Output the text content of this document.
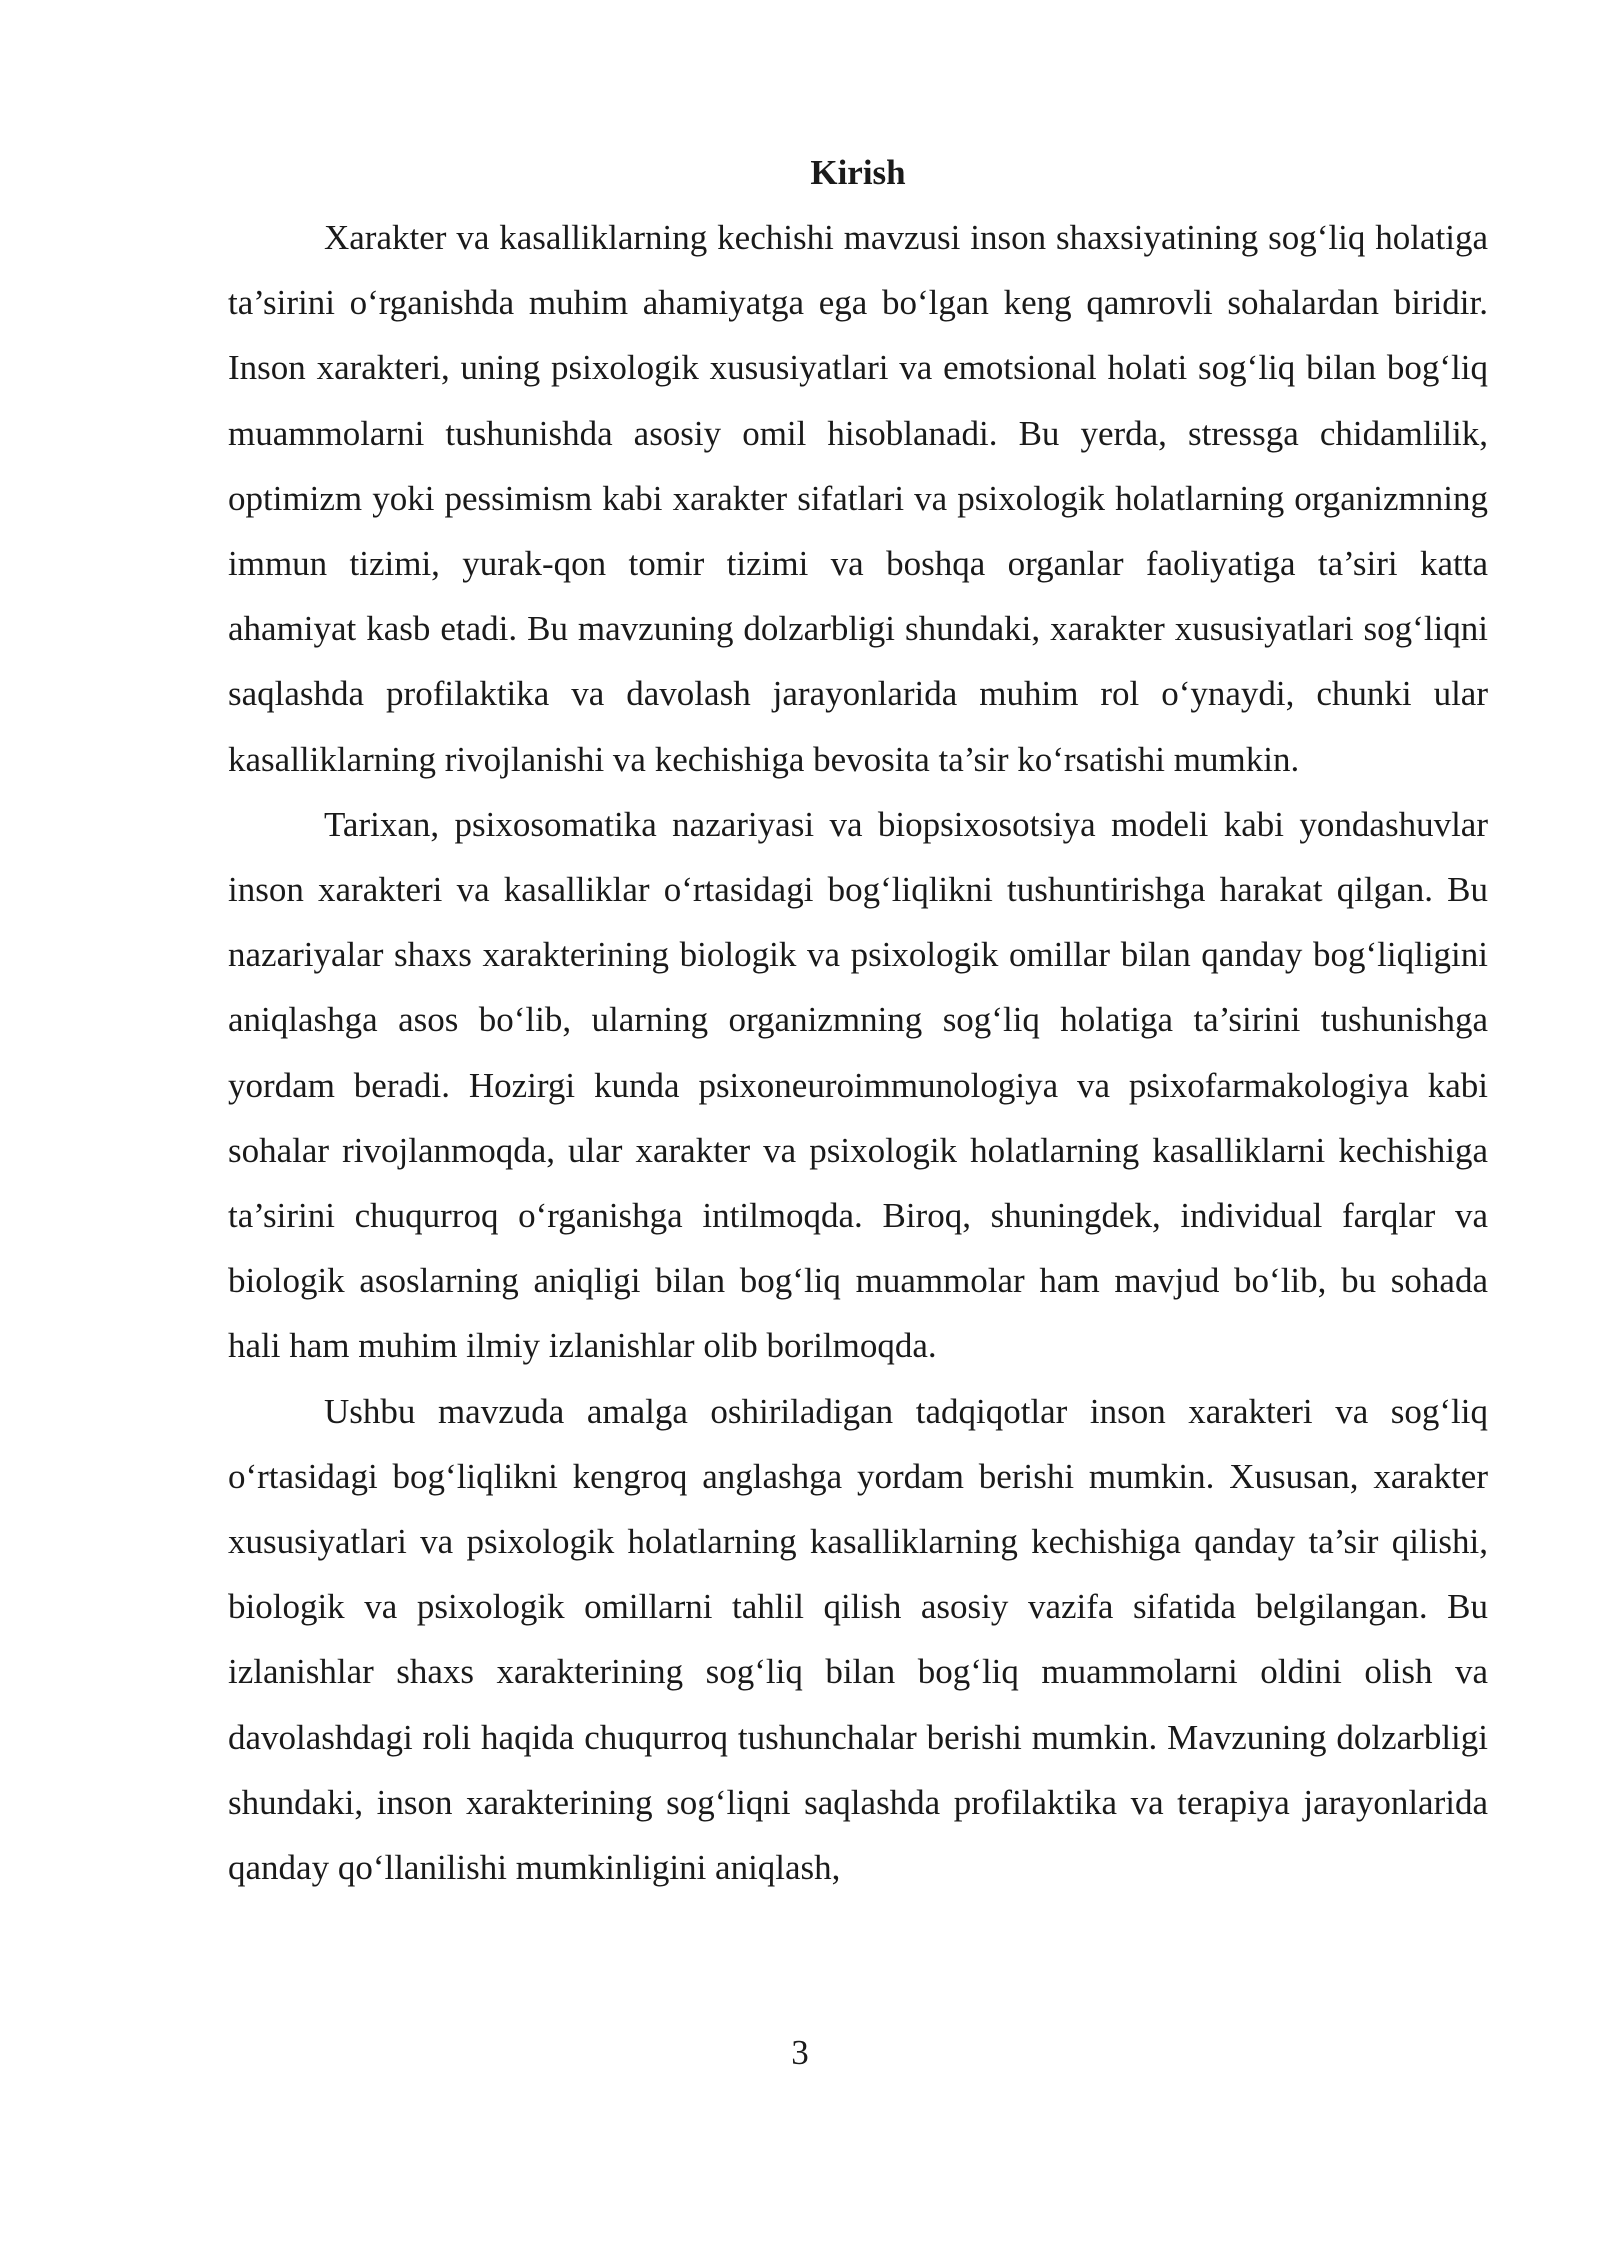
Kirish

Xarakter va kasalliklarning kechishi mavzusi inson shaxsiyatining sog‘liq holatiga ta’sirini o‘rganishda muhim ahamiyatga ega bo‘lgan keng qamrovli sohalardan biridir. Inson xarakteri, uning psixologik xususiyatlari va emotsional holati sog‘liq bilan bog‘liq muammolarni tushunishda asosiy omil hisoblanadi. Bu yerda, stressga chidamlilik, optimizm yoki pessimism kabi xarakter sifatlari va psixologik holatlarning organizmning immun tizimi, yurak-qon tomir tizimi va boshqa organlar faoliyatiga ta’siri katta ahamiyat kasb etadi. Bu mavzuning dolzarbligi shundaki, xarakter xususiyatlari sog‘liqni saqlashda profilaktika va davolash jarayonlarida muhim rol o‘ynaydi, chunki ular kasalliklarning rivojlanishi va kechishiga bevosita ta’sir ko‘rsatishi mumkin.

Tarixan, psixosomatika nazariyasi va biopsixosotsiya modeli kabi yondashuvlar inson xarakteri va kasalliklar o‘rtasidagi bog‘liqlikni tushuntirishga harakat qilgan. Bu nazariyalar shaxs xarakterining biologik va psixologik omillar bilan qanday bog‘liqligini aniqlashga asos bo‘lib, ularning organizmning sog‘liq holatiga ta’sirini tushunishga yordam beradi. Hozirgi kunda psixoneuroimmunologiya va psixofarmakologiya kabi sohalar rivojlanmoqda, ular xarakter va psixologik holatlarning kasalliklarni kechishiga ta’sirini chuqurroq o‘rganishga intilmoqda. Biroq, shuningdek, individual farqlar va biologik asoslarning aniqligi bilan bog‘liq muammolar ham mavjud bo‘lib, bu sohada hali ham muhim ilmiy izlanishlar olib borilmoqda.

Ushbu mavzuda amalga oshiriladigan tadqiqotlar inson xarakteri va sog‘liq o‘rtasidagi bog‘liqlikni kengroq anglashga yordam berishi mumkin. Xususan, xarakter xususiyatlari va psixologik holatlarning kasalliklarning kechishiga qanday ta’sir qilishi, biologik va psixologik omillarni tahlil qilish asosiy vazifa sifatida belgilangan. Bu izlanishlar shaxs xarakterining sog‘liq bilan bog‘liq muammolarni oldini olish va davolashdagi roli haqida chuqurroq tushunchalar berishi mumkin. Mavzuning dolzarbligi shundaki, inson xarakterining sog‘liqni saqlashda profilaktika va terapiya jarayonlarida qanday qo‘llanilishi mumkinligini aniqlash,

3
